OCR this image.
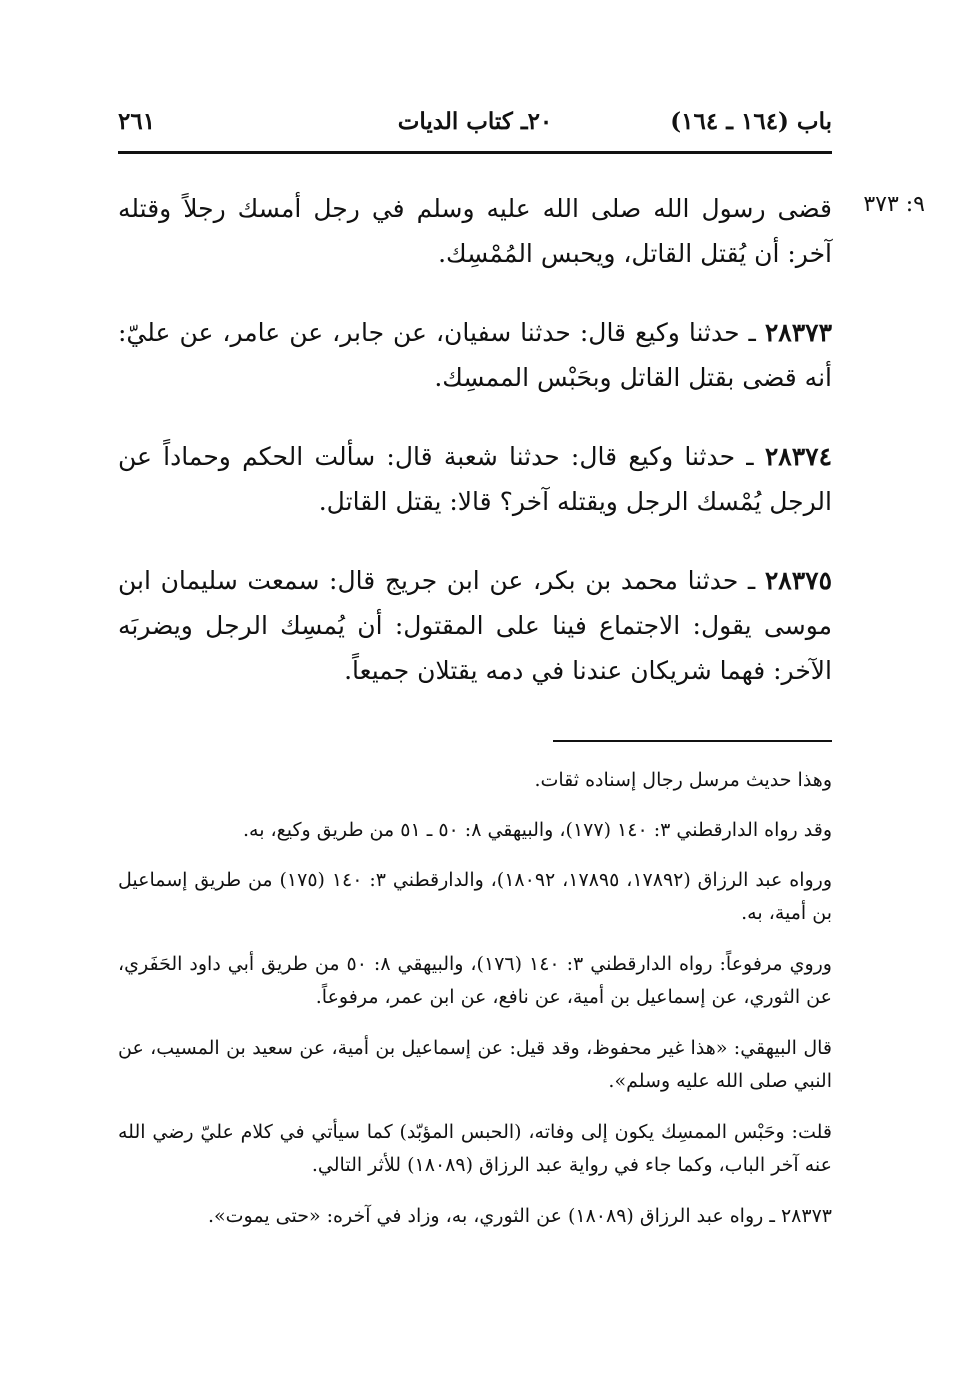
باب (١٦٤ ـ ١٦٤)
٢٠ـ كتاب الديات
٢٦١
٩: ٣٧٣

قضى رسول الله صلى الله عليه وسلم في رجل أمسك رجلاً وقتله آخر: أن يُقتل القاتل، ويحبس المُمْسِك.

٢٨٣٧٣ ـ حدثنا وكيع قال: حدثنا سفيان، عن جابر، عن عامر، عن عليّ: أنه قضى بقتل القاتل وبحَبْس الممسِك.

٢٨٣٧٤ ـ حدثنا وكيع قال: حدثنا شعبة قال: سألت الحكم وحماداً عن الرجل يُمْسك الرجل ويقتله آخر؟ قالا: يقتل القاتل.

٢٨٣٧٥ ـ حدثنا محمد بن بكر، عن ابن جريج قال: سمعت سليمان ابن موسى يقول: الاجتماع فينا على المقتول: أن يُمسِك الرجل ويضربَه الآخر: فهما شريكان عندنا في دمه يقتلان جميعاً.

وهذا حديث مرسل رجال إسناده ثقات.

وقد رواه الدارقطني ٣: ١٤٠ (١٧٧)، والبيهقي ٨: ٥٠ ـ ٥١ من طريق وكيع، به.

ورواه عبد الرزاق (١٧٨٩٢، ١٧٨٩٥، ١٨٠٩٢)، والدارقطني ٣: ١٤٠ (١٧٥) من طريق إسماعيل بن أمية، به.

وروي مرفوعاً: رواه الدارقطني ٣: ١٤٠ (١٧٦)، والبيهقي ٨: ٥٠ من طريق أبي داود الحَفَري، عن الثوري، عن إسماعيل بن أمية، عن نافع، عن ابن عمر، مرفوعاً.

قال البيهقي: «هذا غير محفوظ، وقد قيل: عن إسماعيل بن أمية، عن سعيد بن المسيب، عن النبي صلى الله عليه وسلم».

قلت: وحَبْس الممسِك يكون إلى وفاته، (الحبس المؤبّد) كما سيأتي في كلام عليّ رضي الله عنه آخر الباب، وكما جاء في رواية عبد الرزاق (١٨٠٨٩) للأثر التالي.

٢٨٣٧٣ ـ رواه عبد الرزاق (١٨٠٨٩) عن الثوري، به، وزاد في آخره: «حتى يموت».
